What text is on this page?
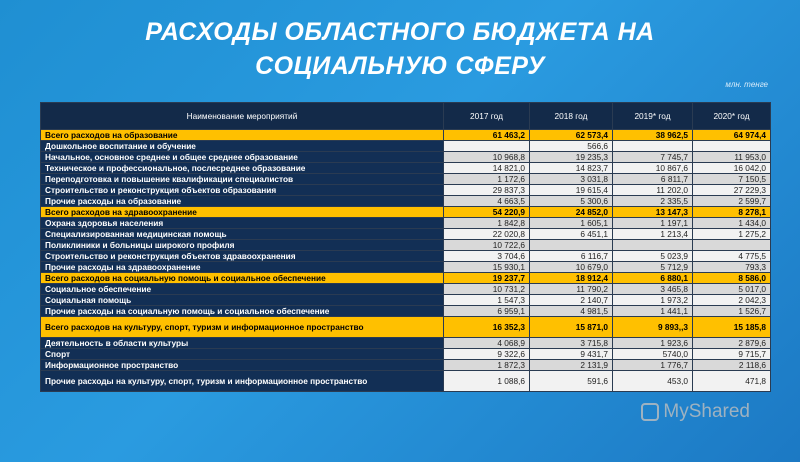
РАСХОДЫ ОБЛАСТНОГО БЮДЖЕТА НА
СОЦИАЛЬНУЮ СФЕРУ
млн. тенге
Наименование мероприятий	2017 год	2018 год	2019* год	2020* год
Всего расходов на образование	61 463,2	62 573,4	38 962,5	64 974,4
Дошкольное воспитание и обучение		566,6		
Начальное, основное среднее и общее среднее образование	10 968,8	19 235,3	7 745,7	11 953,0
Техническое и профессиональное, послесреднее образование	14 821,0	14 823,7	10 867,6	16 042,0
Переподготовка и повышение квалификации специалистов	1 172,6	3 031,8	6 811,7	7 150,5
Строительство и реконструкция объектов образования	29 837,3	19 615,4	11 202,0	27 229,3
Прочие расходы на образование	4 663,5	5 300,6	2 335,5	2 599,7
Всего расходов на здравоохранение	54 220,9	24 852,0	13 147,3	8 278,1
Охрана здоровья населения	1 842,8	1 605,1	1 197,1	1 434,0
Специализированная медицинская помощь	22 020,8	6 451,1	1 213,4	1 275,2
Поликлиники и больницы широкого профиля	10 722,6			
Строительство и реконструкция объектов здравоохранения	3 704,6	6 116,7	5 023,9	4 775,5
Прочие расходы на здравоохранение	15 930,1	10 679,0	5 712,9	793,3
Всего расходов на социальную помощь и социальное обеспечение	19 237,7	18 912,4	6 880,1	8 586,0
Социальное обеспечение	10 731,2	11 790,2	3 465,8	5 017,0
Социальная помощь	1 547,3	2 140,7	1 973,2	2 042,3
Прочие расходы на социальную помощь и социальное обеспечение	6 959,1	4 981,5	1 441,1	1 526,7
Всего расходов на культуру, спорт, туризм и информационное пространство	16 352,3	15 871,0	9 893,,3	15 185,8
Деятельность в области культуры	4 068,9	3 715,8	1 923,6	2 879,6
Спорт	9 322,6	9 431,7	5740,0	9 715,7
Информационное пространство	1 872,3	2 131,9	1 776,7	2 118,6
Прочие расходы на культуру, спорт, туризм и информационное пространство	1 088,6	591,6	453,0	471,8
MyShared
